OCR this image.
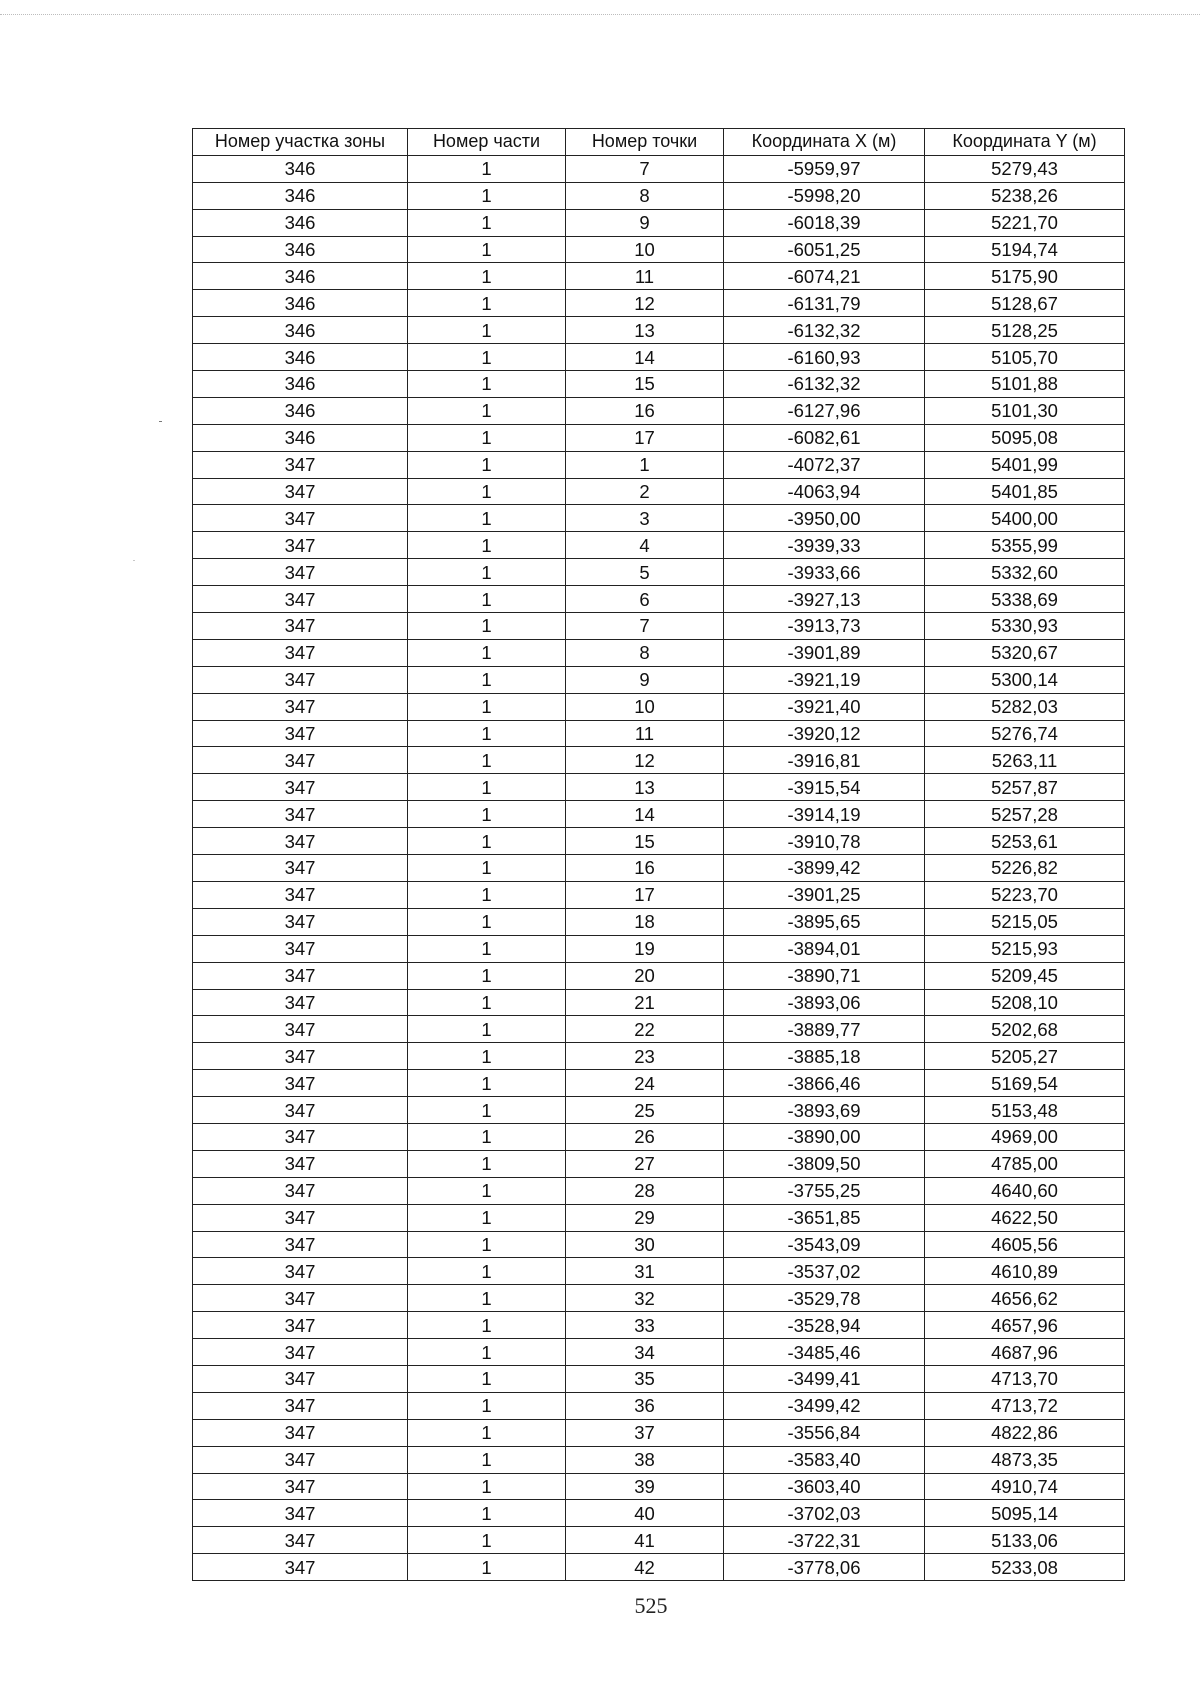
Номер участка зоны	Номер части	Номер точки	Координата X (м)	Координата Y (м)
346	1	7	-5959,97	5279,43
346	1	8	-5998,20	5238,26
346	1	9	-6018,39	5221,70
346	1	10	-6051,25	5194,74
346	1	11	-6074,21	5175,90
346	1	12	-6131,79	5128,67
346	1	13	-6132,32	5128,25
346	1	14	-6160,93	5105,70
346	1	15	-6132,32	5101,88
346	1	16	-6127,96	5101,30
346	1	17	-6082,61	5095,08
347	1	1	-4072,37	5401,99
347	1	2	-4063,94	5401,85
347	1	3	-3950,00	5400,00
347	1	4	-3939,33	5355,99
347	1	5	-3933,66	5332,60
347	1	6	-3927,13	5338,69
347	1	7	-3913,73	5330,93
347	1	8	-3901,89	5320,67
347	1	9	-3921,19	5300,14
347	1	10	-3921,40	5282,03
347	1	11	-3920,12	5276,74
347	1	12	-3916,81	5263,11
347	1	13	-3915,54	5257,87
347	1	14	-3914,19	5257,28
347	1	15	-3910,78	5253,61
347	1	16	-3899,42	5226,82
347	1	17	-3901,25	5223,70
347	1	18	-3895,65	5215,05
347	1	19	-3894,01	5215,93
347	1	20	-3890,71	5209,45
347	1	21	-3893,06	5208,10
347	1	22	-3889,77	5202,68
347	1	23	-3885,18	5205,27
347	1	24	-3866,46	5169,54
347	1	25	-3893,69	5153,48
347	1	26	-3890,00	4969,00
347	1	27	-3809,50	4785,00
347	1	28	-3755,25	4640,60
347	1	29	-3651,85	4622,50
347	1	30	-3543,09	4605,56
347	1	31	-3537,02	4610,89
347	1	32	-3529,78	4656,62
347	1	33	-3528,94	4657,96
347	1	34	-3485,46	4687,96
347	1	35	-3499,41	4713,70
347	1	36	-3499,42	4713,72
347	1	37	-3556,84	4822,86
347	1	38	-3583,40	4873,35
347	1	39	-3603,40	4910,74
347	1	40	-3702,03	5095,14
347	1	41	-3722,31	5133,06
347	1	42	-3778,06	5233,08
525
